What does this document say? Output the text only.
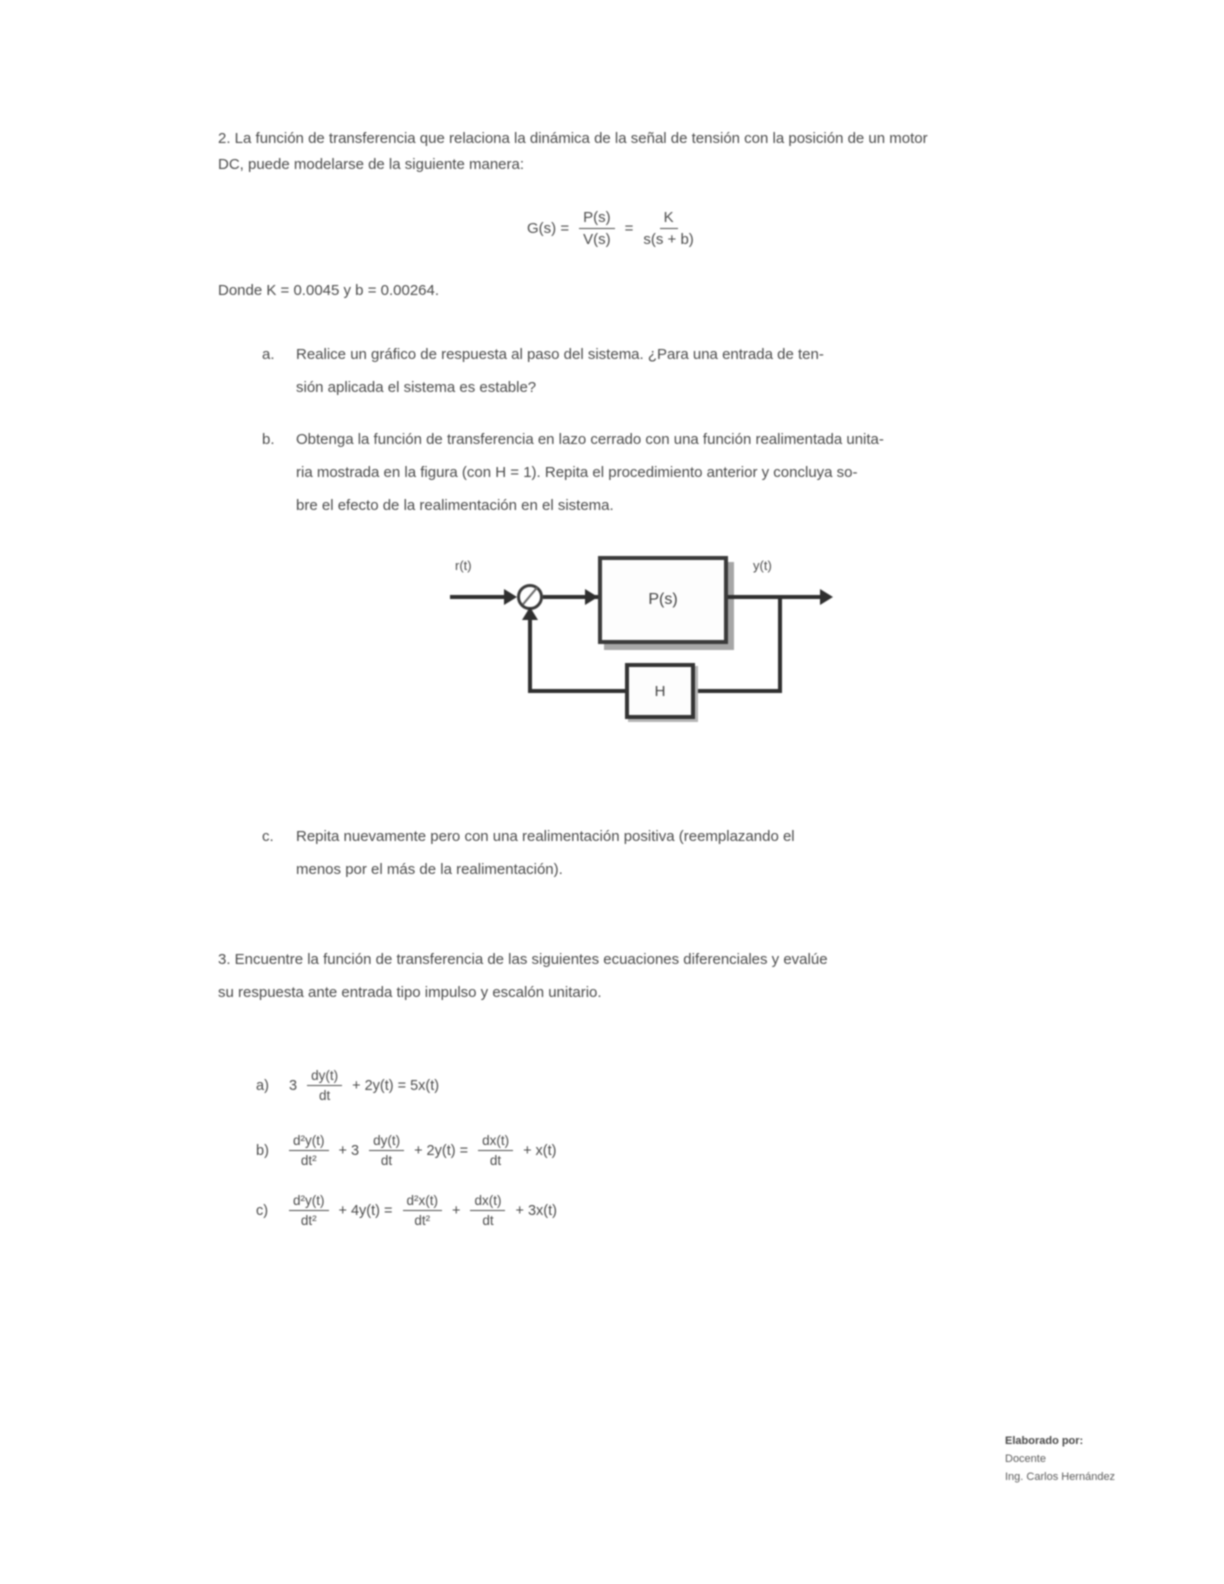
2. La función de transferencia que relaciona la dinámica de la señal de tensión con la posición de un motor
DC, puede modelarse de la siguiente manera:
$G(s) = \frac{P(s)}{V(s)} = \frac{K}{s(s + b)}$
Donde K = 0.0045 y b = 0.00264.
a.	Realice un gráfico de respuesta al paso del sistema. ¿Para una entrada de ten-
sión aplicada el sistema es estable?
b.	Obtenga la función de transferencia en lazo cerrado con una función realimentada unita-
ria mostrada en la figura (con H = 1). Repita el procedimiento anterior y concluya so-
bre el efecto de la realimentación en el sistema.
r(t)	y(t)
P(s)
H
c.	Repita nuevamente pero con una realimentación positiva (reemplazando el
menos por el más de la realimentación).
3. Encuentre la función de transferencia de las siguientes ecuaciones diferenciales y evalúe
su respuesta ante entrada tipo impulso y escalón unitario.
a)	$3 \frac{dy(t)}{dt} + 2y(t) = 5x(t)$
b)	$\frac{\text{d²y(t)}}{\text{dt²}} + 3 \frac{dy(t)}{dt} + 2y(t) = \frac{dx(t)}{dt} + x(t)$
c)	$\frac{\text{d²y(t)}}{\text{dt²}} + 4y(t) = \frac{\text{d²x(t)}}{\text{dt²}} + \frac{dx(t)}{dt} + 3x(t)$
Elaborado por:
Docente
Ing. Carlos Hernández
